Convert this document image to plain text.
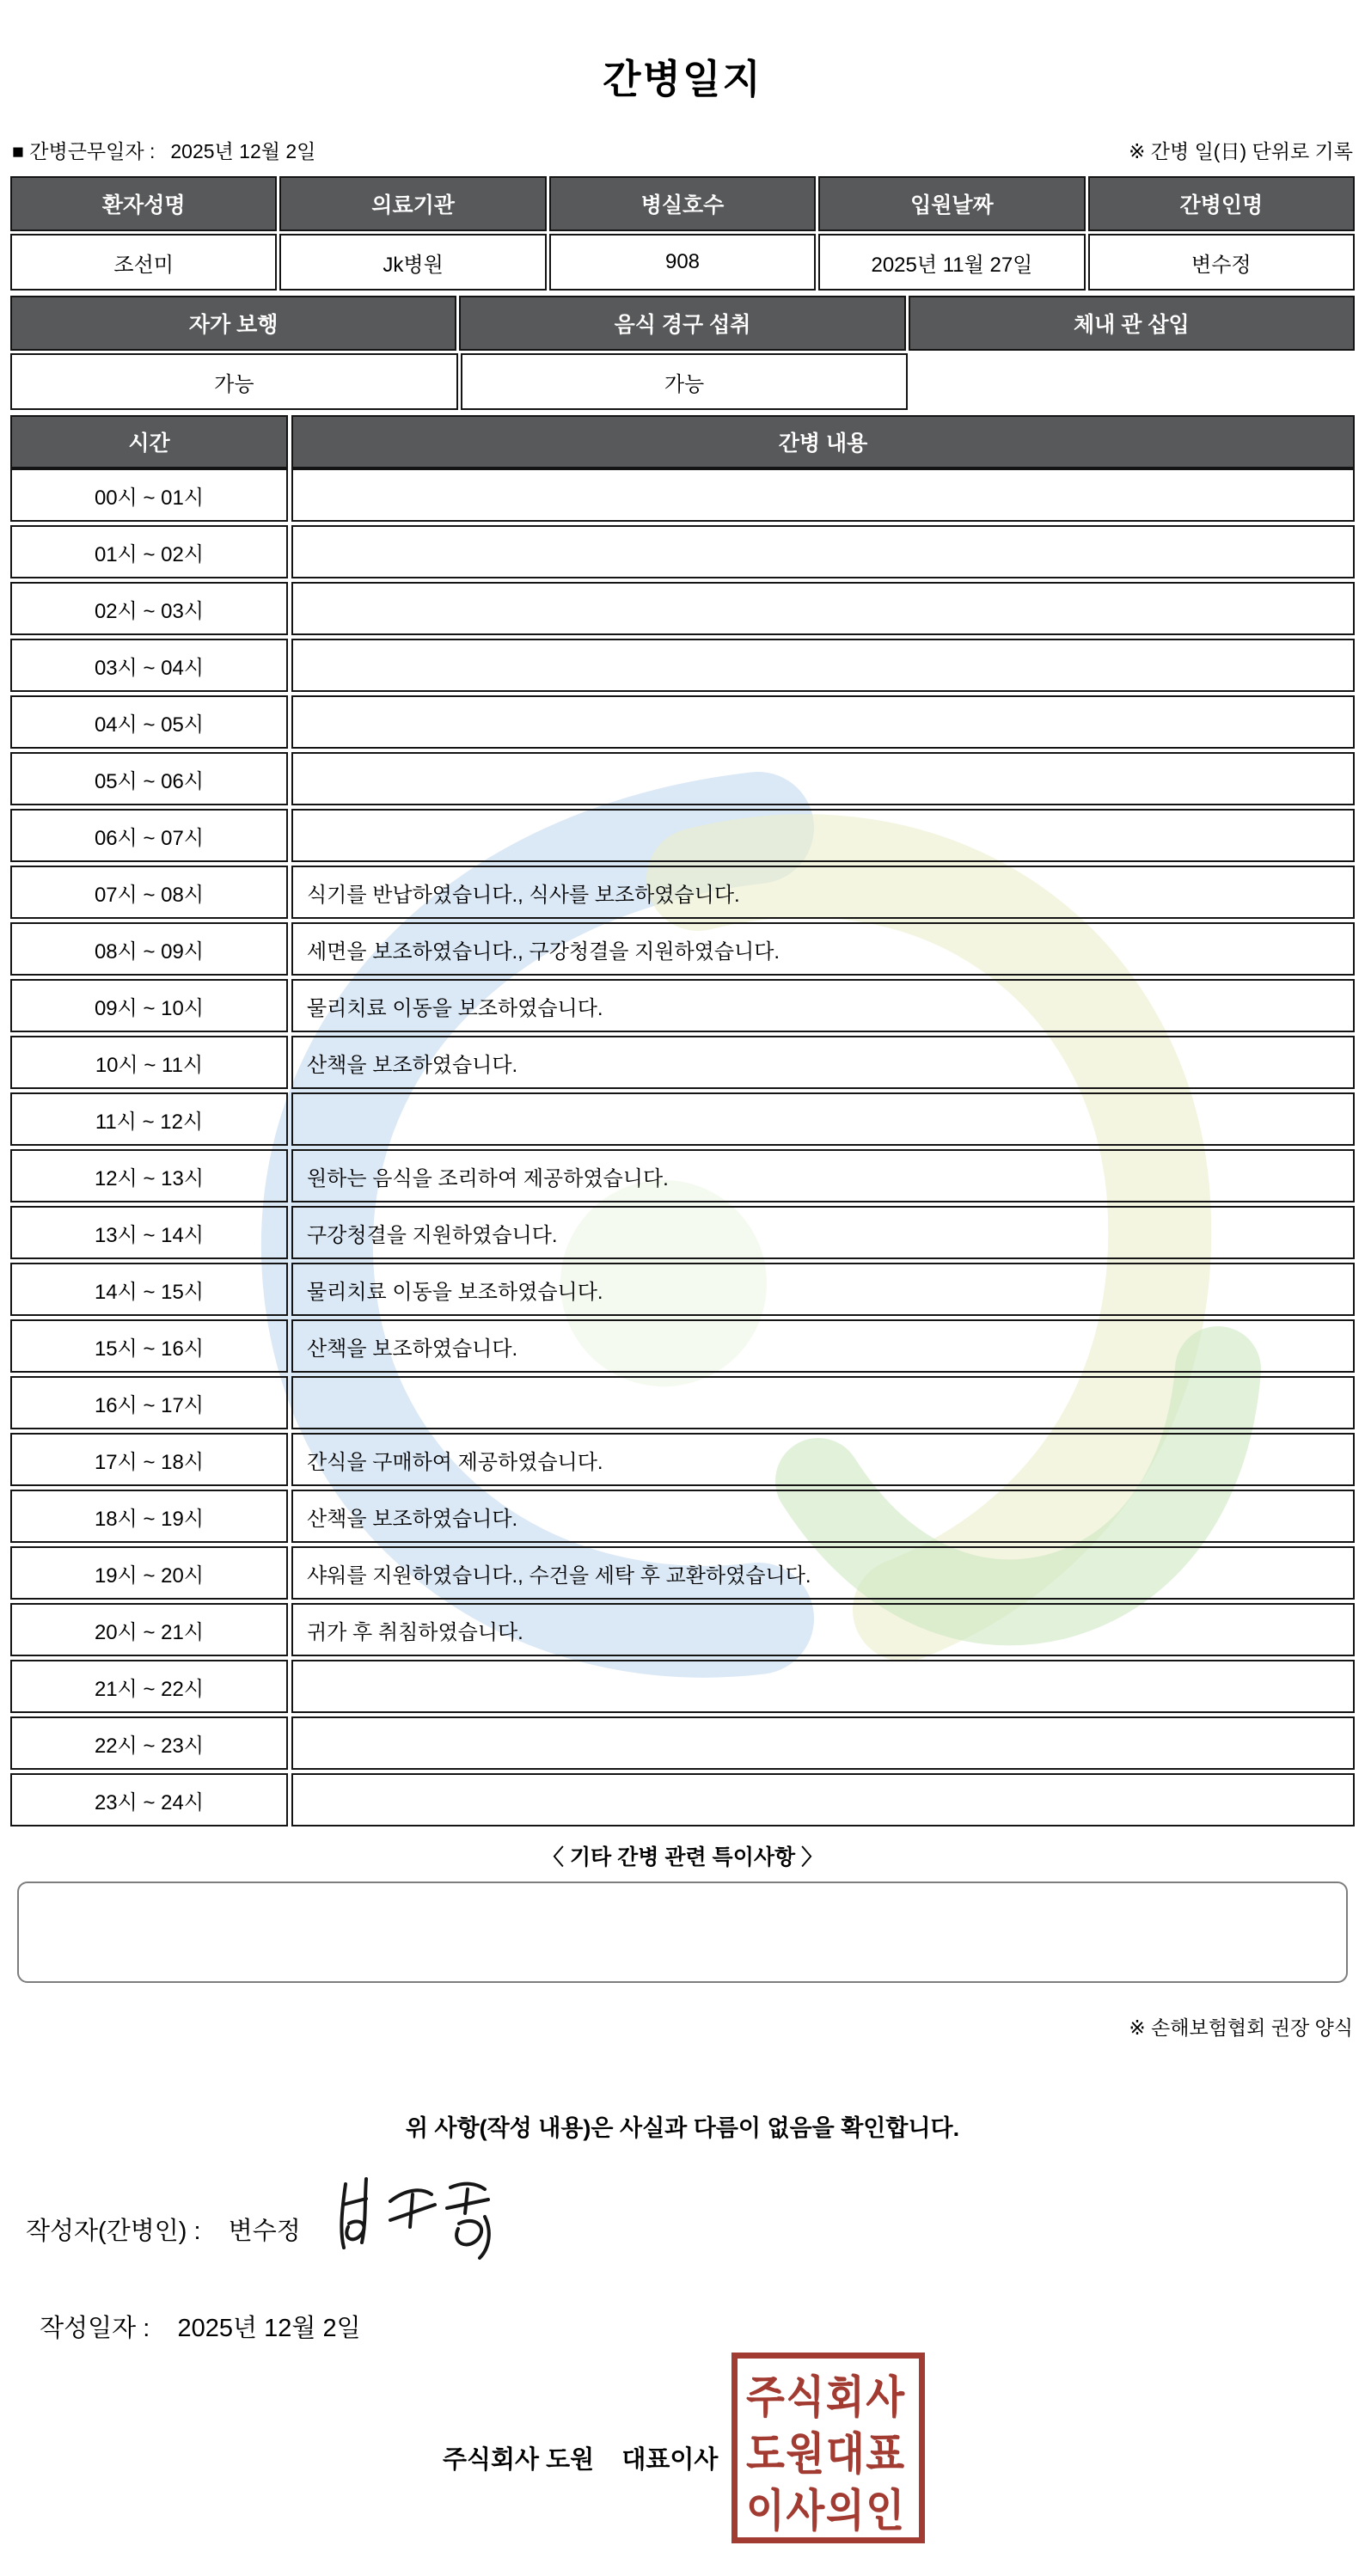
간병일지
■ 간병근무일자 : 2025년 12월 2일	※ 간병 일(日) 단위로 기록
환자성명	의료기관	병실호수	입원날짜	간병인명
조선미	Jk병원	908	2025년 11월 27일	변수정
자가 보행	음식 경구 섭취	체내 관 삽입
가능	가능
시간	간병 내용
00시 ~ 01시
01시 ~ 02시
02시 ~ 03시
03시 ~ 04시
04시 ~ 05시
05시 ~ 06시
06시 ~ 07시
07시 ~ 08시	식기를 반납하였습니다., 식사를 보조하였습니다.
08시 ~ 09시	세면을 보조하였습니다., 구강청결을 지원하였습니다.
09시 ~ 10시	물리치료 이동을 보조하였습니다.
10시 ~ 11시	산책을 보조하였습니다.
11시 ~ 12시
12시 ~ 13시	원하는 음식을 조리하여 제공하였습니다.
13시 ~ 14시	구강청결을 지원하였습니다.
14시 ~ 15시	물리치료 이동을 보조하였습니다.
15시 ~ 16시	산책을 보조하였습니다.
16시 ~ 17시
17시 ~ 18시	간식을 구매하여 제공하였습니다.
18시 ~ 19시	산책을 보조하였습니다.
19시 ~ 20시	샤워를 지원하였습니다., 수건을 세탁 후 교환하였습니다.
20시 ~ 21시	귀가 후 취침하였습니다.
21시 ~ 22시
22시 ~ 23시
23시 ~ 24시
〈 기타 간병 관련 특이사항 〉
※ 손해보험협회 권장 양식
위 사항(작성 내용)은 사실과 다름이 없음을 확인합니다.
작성자(간병인) : 변수정

작성일자 :    2025년 12월 2일

주식회사 도원    대표이사
주식회사
도원대표
이사의인
